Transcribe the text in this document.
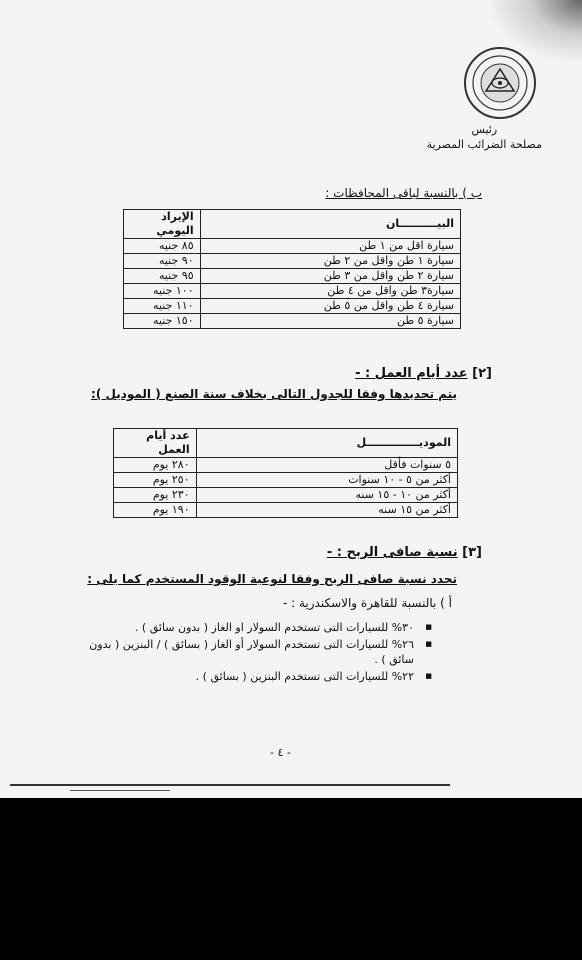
رئيس
مصلحة الضرائب المصرية
ب ) بالنسبة لباقى المحافظات :
البيــــــــــان	الإيراد اليومي
سيارة اقل من ١ طن	٨٥ جنيه
سيارة ١ طن واقل من ٢ طن	٩٠ جنيه
سيارة ٢ طن واقل من ٣ طن	٩٥ جنيه
سيارة٣ طن واقل من ٤ طن	١٠٠ جنيه
سيارة ٤ طن واقل من ٥ طن	١١٠ جنيه
سيارة ٥ طن	١٥٠ جنيه
[٢] عدد أيام العمل : -
يتم تحديدها وفقا للجدول التالى بخلاف سنة الصنع ( الموديل ):
الموديــــــــــــــل	عدد أيام العمل
٥ سنوات فأقل	٢٨٠ يوم
أكثر من ٥ - ١٠ سنوات	٢٥٠ يوم
أكثر من ١٠ - ١٥ سنه	٢٣٠ يوم
أكثر من ١٥ سنه	١٩٠ يوم
[٣] نسبة صافى الربح : -
تحدد نسبة صافى الربح وفقا لنوعية الوقود المستخدم كما يلى :
أ ) بالنسبة للقاهرة والاسكندرية : -
■ ٣٠% للسيارات التى تستخدم السولار او الغاز ( بدون سائق ) .
■ ٢٦% للسيارات التى تستخدم السولار أو الغاز ( بسائق ) / البنزين ( بدون سائق ) .
■ ٢٢% للسيارات التى تستخدم البنزين ( بسائق ) .
- ٤ -
